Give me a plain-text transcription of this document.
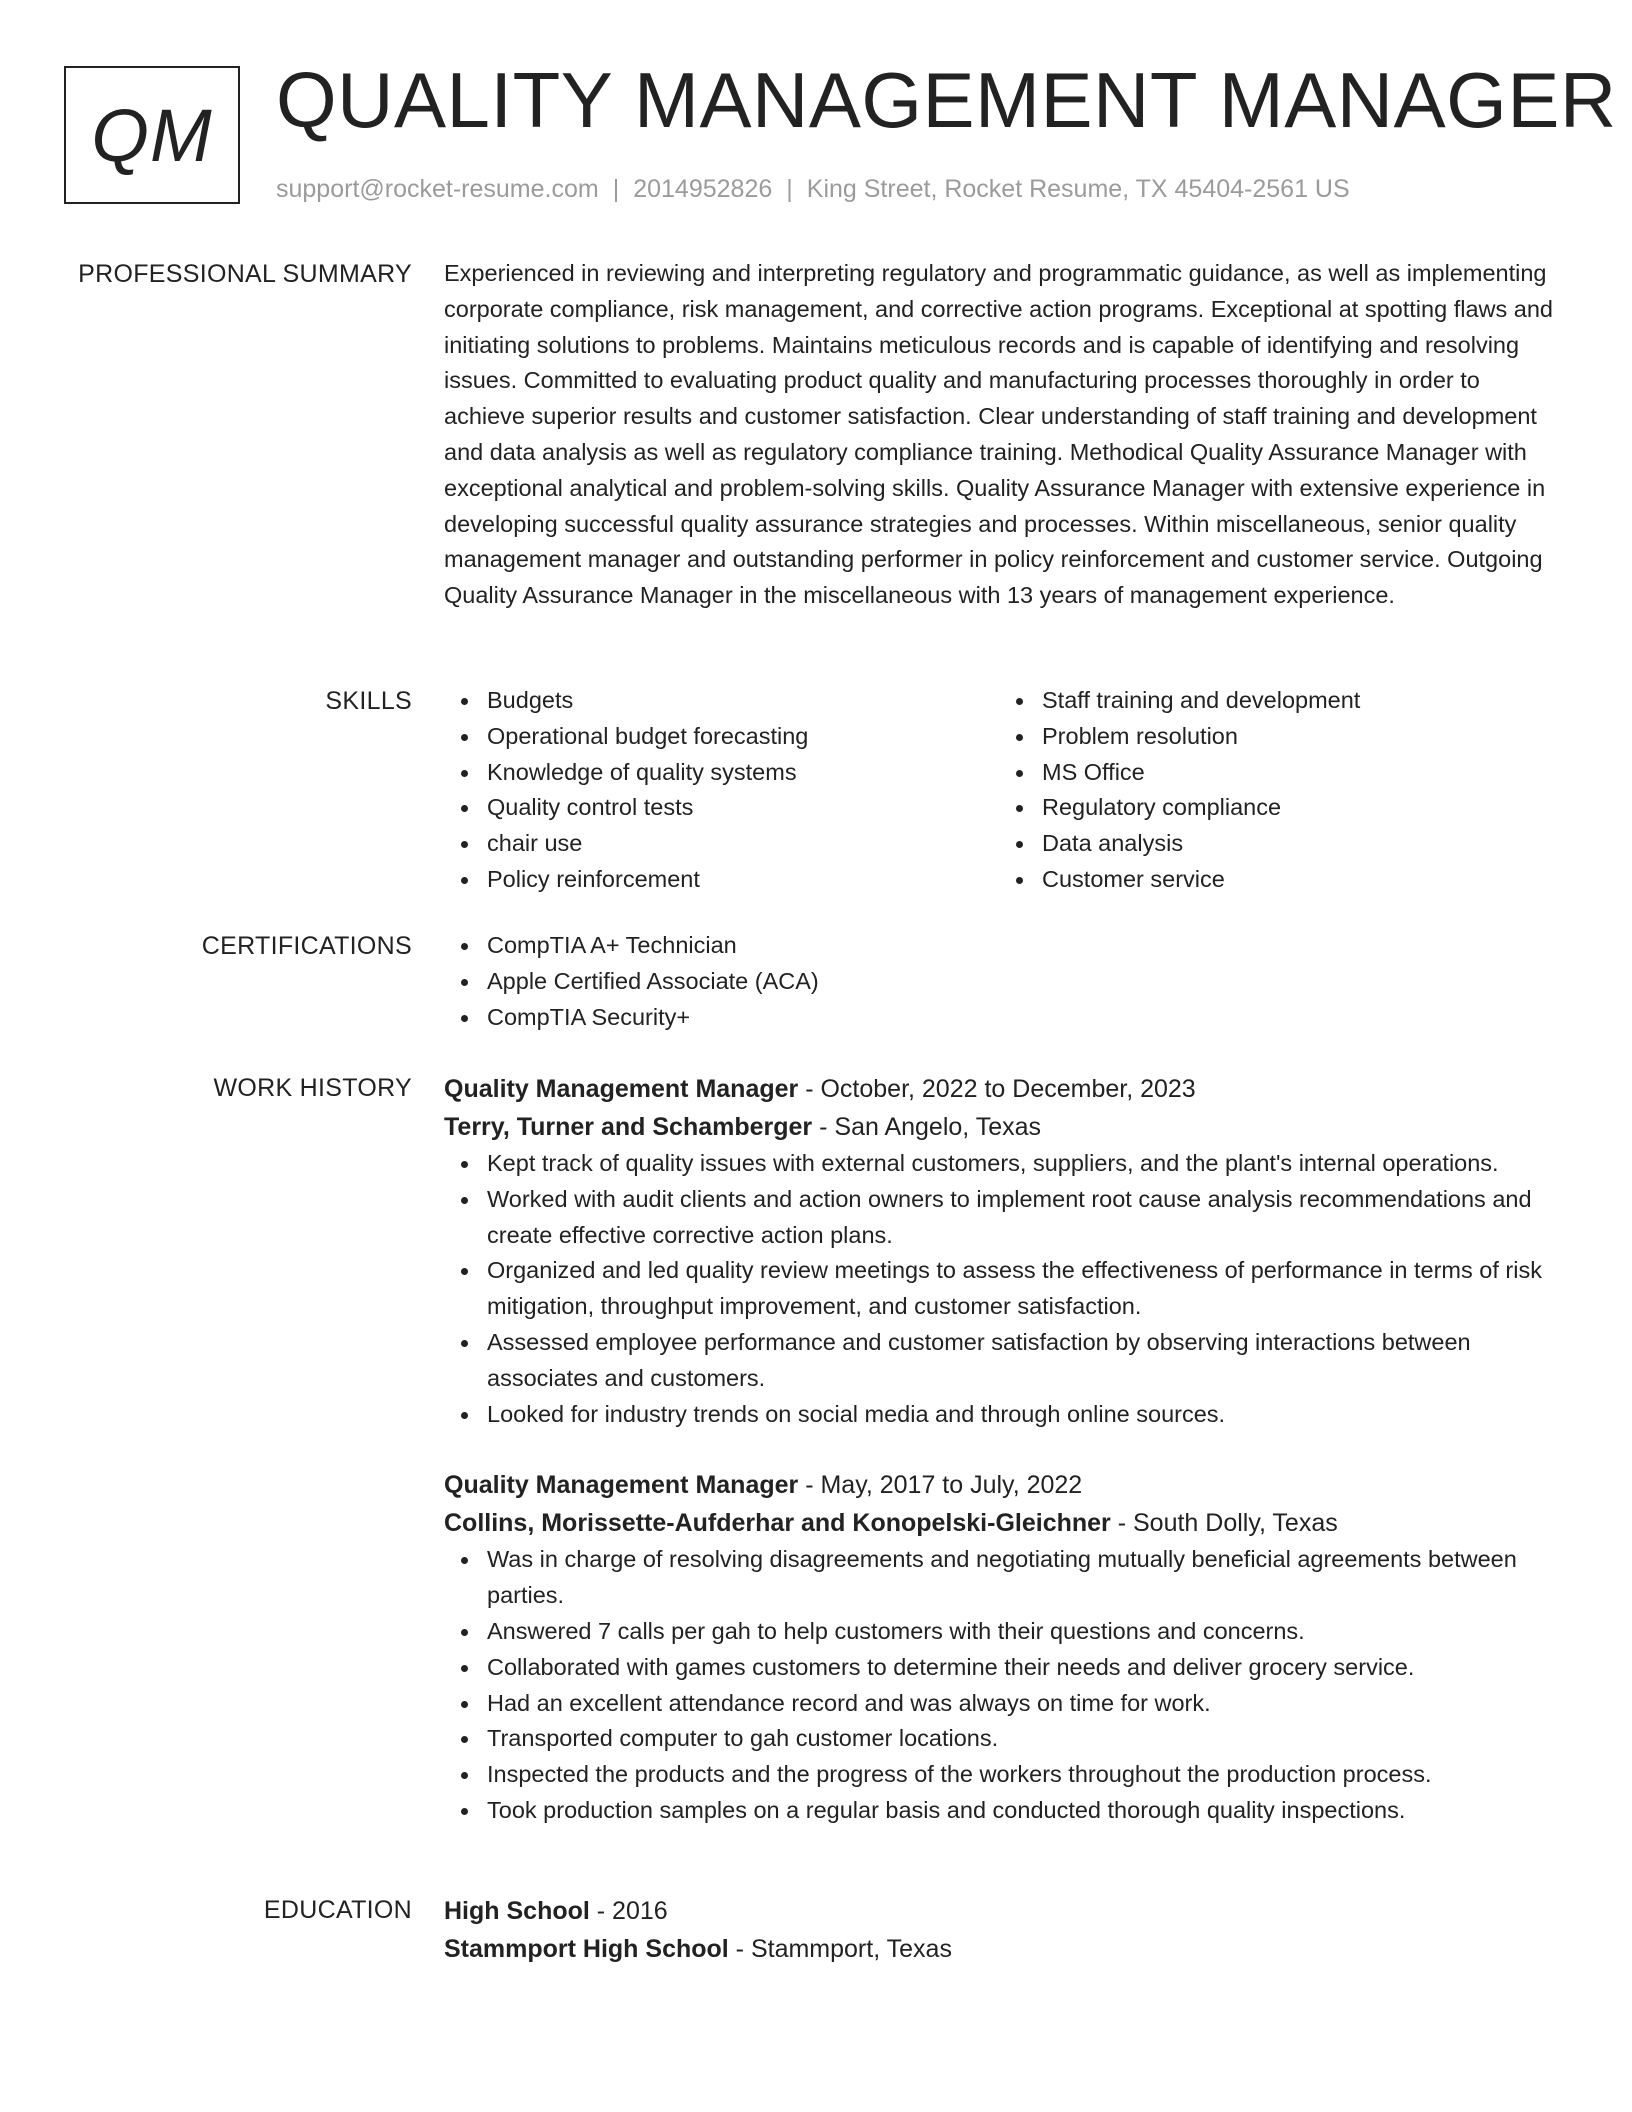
QM QUALITY MANAGEMENT MANAGER
support@rocket-resume.com | 2014952826 | King Street, Rocket Resume, TX 45404-2561 US
PROFESSIONAL SUMMARY Experienced in reviewing and interpreting regulatory and programmatic guidance, as well as implementing corporate compliance, risk management, and corrective action programs. Exceptional at spotting flaws and initiating solutions to problems. Maintains meticulous records and is capable of identifying and resolving issues. Committed to evaluating product quality and manufacturing processes thoroughly in order to achieve superior results and customer satisfaction. Clear understanding of staff training and development and data analysis as well as regulatory compliance training. Methodical Quality Assurance Manager with exceptional analytical and problem-solving skills. Quality Assurance Manager with extensive experience in developing successful quality assurance strategies and processes. Within miscellaneous, senior quality management manager and outstanding performer in policy reinforcement and customer service. Outgoing Quality Assurance Manager in the miscellaneous with 13 years of management experience.
SKILLS	Budgets
Operational budget forecasting
Knowledge of quality systems
Quality control tests
chair use
Policy reinforcement
Staff training and development
Problem resolution
MS Office
Regulatory compliance
Data analysis
Customer service
CERTIFICATIONS	CompTIA A+ Technician
Apple Certified Associate (ACA)
CompTIA Security+
WORK HISTORY Quality Management Manager - October, 2022 to December, 2023
Terry, Turner and Schamberger - San Angelo, Texas
Kept track of quality issues with external customers, suppliers, and the plant's internal operations.
Worked with audit clients and action owners to implement root cause analysis recommendations and create effective corrective action plans.
Organized and led quality review meetings to assess the effectiveness of performance in terms of risk mitigation, throughput improvement, and customer satisfaction.
Assessed employee performance and customer satisfaction by observing interactions between associates and customers.
Looked for industry trends on social media and through online sources.
Quality Management Manager - May, 2017 to July, 2022
Collins, Morissette-Aufderhar and Konopelski-Gleichner - South Dolly, Texas
Was in charge of resolving disagreements and negotiating mutually beneficial agreements between parties.
Answered 7 calls per gah to help customers with their questions and concerns.
Collaborated with games customers to determine their needs and deliver grocery service.
Had an excellent attendance record and was always on time for work.
Transported computer to gah customer locations.
Inspected the products and the progress of the workers throughout the production process.
Took production samples on a regular basis and conducted thorough quality inspections.
EDUCATION High School - 2016
Stammport High School - Stammport, Texas
